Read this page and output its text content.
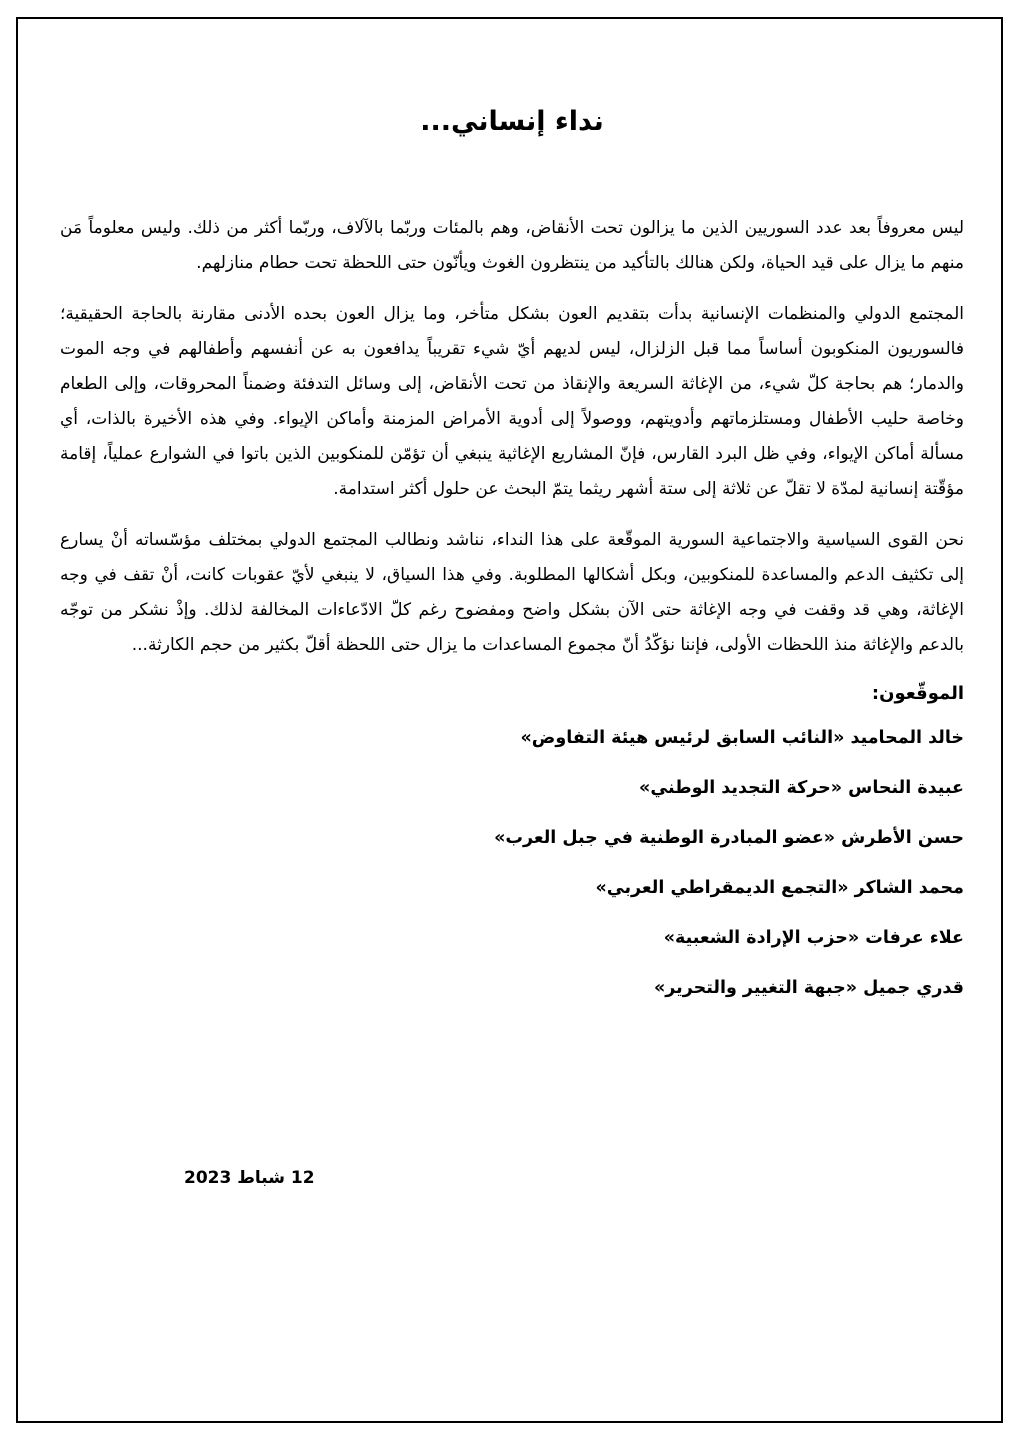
نداء إنساني...

ليس معروفاً بعد عدد السوريين الذين ما يزالون تحت الأنقاض، وهم بالمئات وربّما بالآلاف، وربّما أكثر من ذلك. وليس معلوماً مَن منهم ما يزال على قيد الحياة، ولكن هنالك بالتأكيد من ينتظرون الغوث ويأنّون حتى اللحظة تحت حطام منازلهم.

المجتمع الدولي والمنظمات الإنسانية بدأت بتقديم العون بشكل متأخر، وما يزال العون بحده الأدنى مقارنة بالحاجة الحقيقية؛ فالسوريون المنكوبون أساساً مما قبل الزلزال، ليس لديهم أيّ شيء تقريباً يدافعون به عن أنفسهم وأطفالهم في وجه الموت والدمار؛ هم بحاجة كلّ شيء، من الإغاثة السريعة والإنقاذ من تحت الأنقاض، إلى وسائل التدفئة وضمناً المحروقات، وإلى الطعام وخاصة حليب الأطفال ومستلزماتهم وأدويتهم، ووصولاً إلى أدوية الأمراض المزمنة وأماكن الإيواء. وفي هذه الأخيرة بالذات، أي مسألة أماكن الإيواء، وفي ظل البرد القارس، فإنّ المشاريع الإغاثية ينبغي أن تؤمّن للمنكوبين الذين باتوا في الشوارع عملياً، إقامة مؤقّتة إنسانية لمدّة لا تقلّ عن ثلاثة إلى ستة أشهر ريثما يتمّ البحث عن حلول أكثر استدامة.

نحن القوى السياسية والاجتماعية السورية الموقّعة على هذا النداء، نناشد ونطالب المجتمع الدولي بمختلف مؤسّساته أنْ يسارع إلى تكثيف الدعم والمساعدة للمنكوبين، وبكل أشكالها المطلوبة. وفي هذا السياق، لا ينبغي لأيّ عقوبات كانت، أنْ تقف في وجه الإغاثة، وهي قد وقفت في وجه الإغاثة حتى الآن بشكل واضح ومفضوح رغم كلّ الادّعاءات المخالفة لذلك. وإذْ نشكر من توجّه بالدعم والإغاثة منذ اللحظات الأولى، فإننا نؤكّدُ أنّ مجموع المساعدات ما يزال حتى اللحظة أقلّ بكثير من حجم الكارثة...

الموقّعون:
خالد المحاميد «النائب السابق لرئيس هيئة التفاوض»
عبيدة النحاس «حركة التجديد الوطني»
حسن الأطرش «عضو المبادرة الوطنية في جبل العرب»
محمد الشاكر «التجمع الديمقراطي العربي»
علاء عرفات «حزب الإرادة الشعبية»
قدري جميل «جبهة التغيير والتحرير»
12 شباط 2023
